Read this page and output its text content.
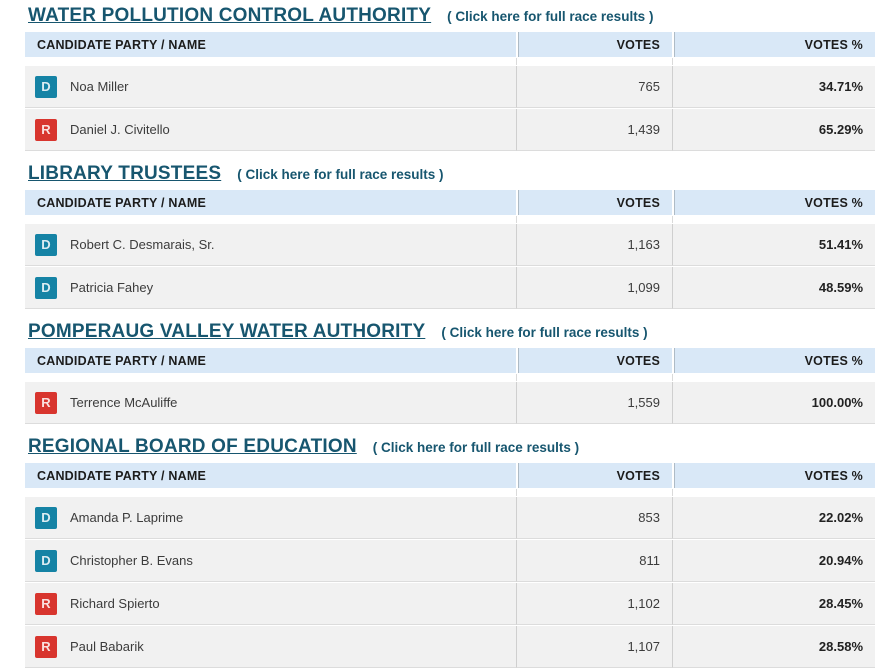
WATER POLLUTION CONTROL AUTHORITY ( Click here for full race results )
CANDIDATE PARTY / NAME	VOTES	VOTES %

D Noa Miller	765	34.71%

R Daniel J. Civitello	1,439	65.29%
LIBRARY TRUSTEES ( Click here for full race results )
CANDIDATE PARTY / NAME	VOTES	VOTES %

D Robert C. Desmarais, Sr.	1,163	51.41%

D Patricia Fahey	1,099	48.59%
POMPERAUG VALLEY WATER AUTHORITY ( Click here for full race results )
CANDIDATE PARTY / NAME	VOTES	VOTES %

R Terrence McAuliffe	1,559	100.00%
REGIONAL BOARD OF EDUCATION ( Click here for full race results )
CANDIDATE PARTY / NAME	VOTES	VOTES %

D Amanda P. Laprime	853	22.02%

D Christopher B. Evans	811	20.94%

R Richard Spierto	1,102	28.45%

R Paul Babarik	1,107	28.58%
